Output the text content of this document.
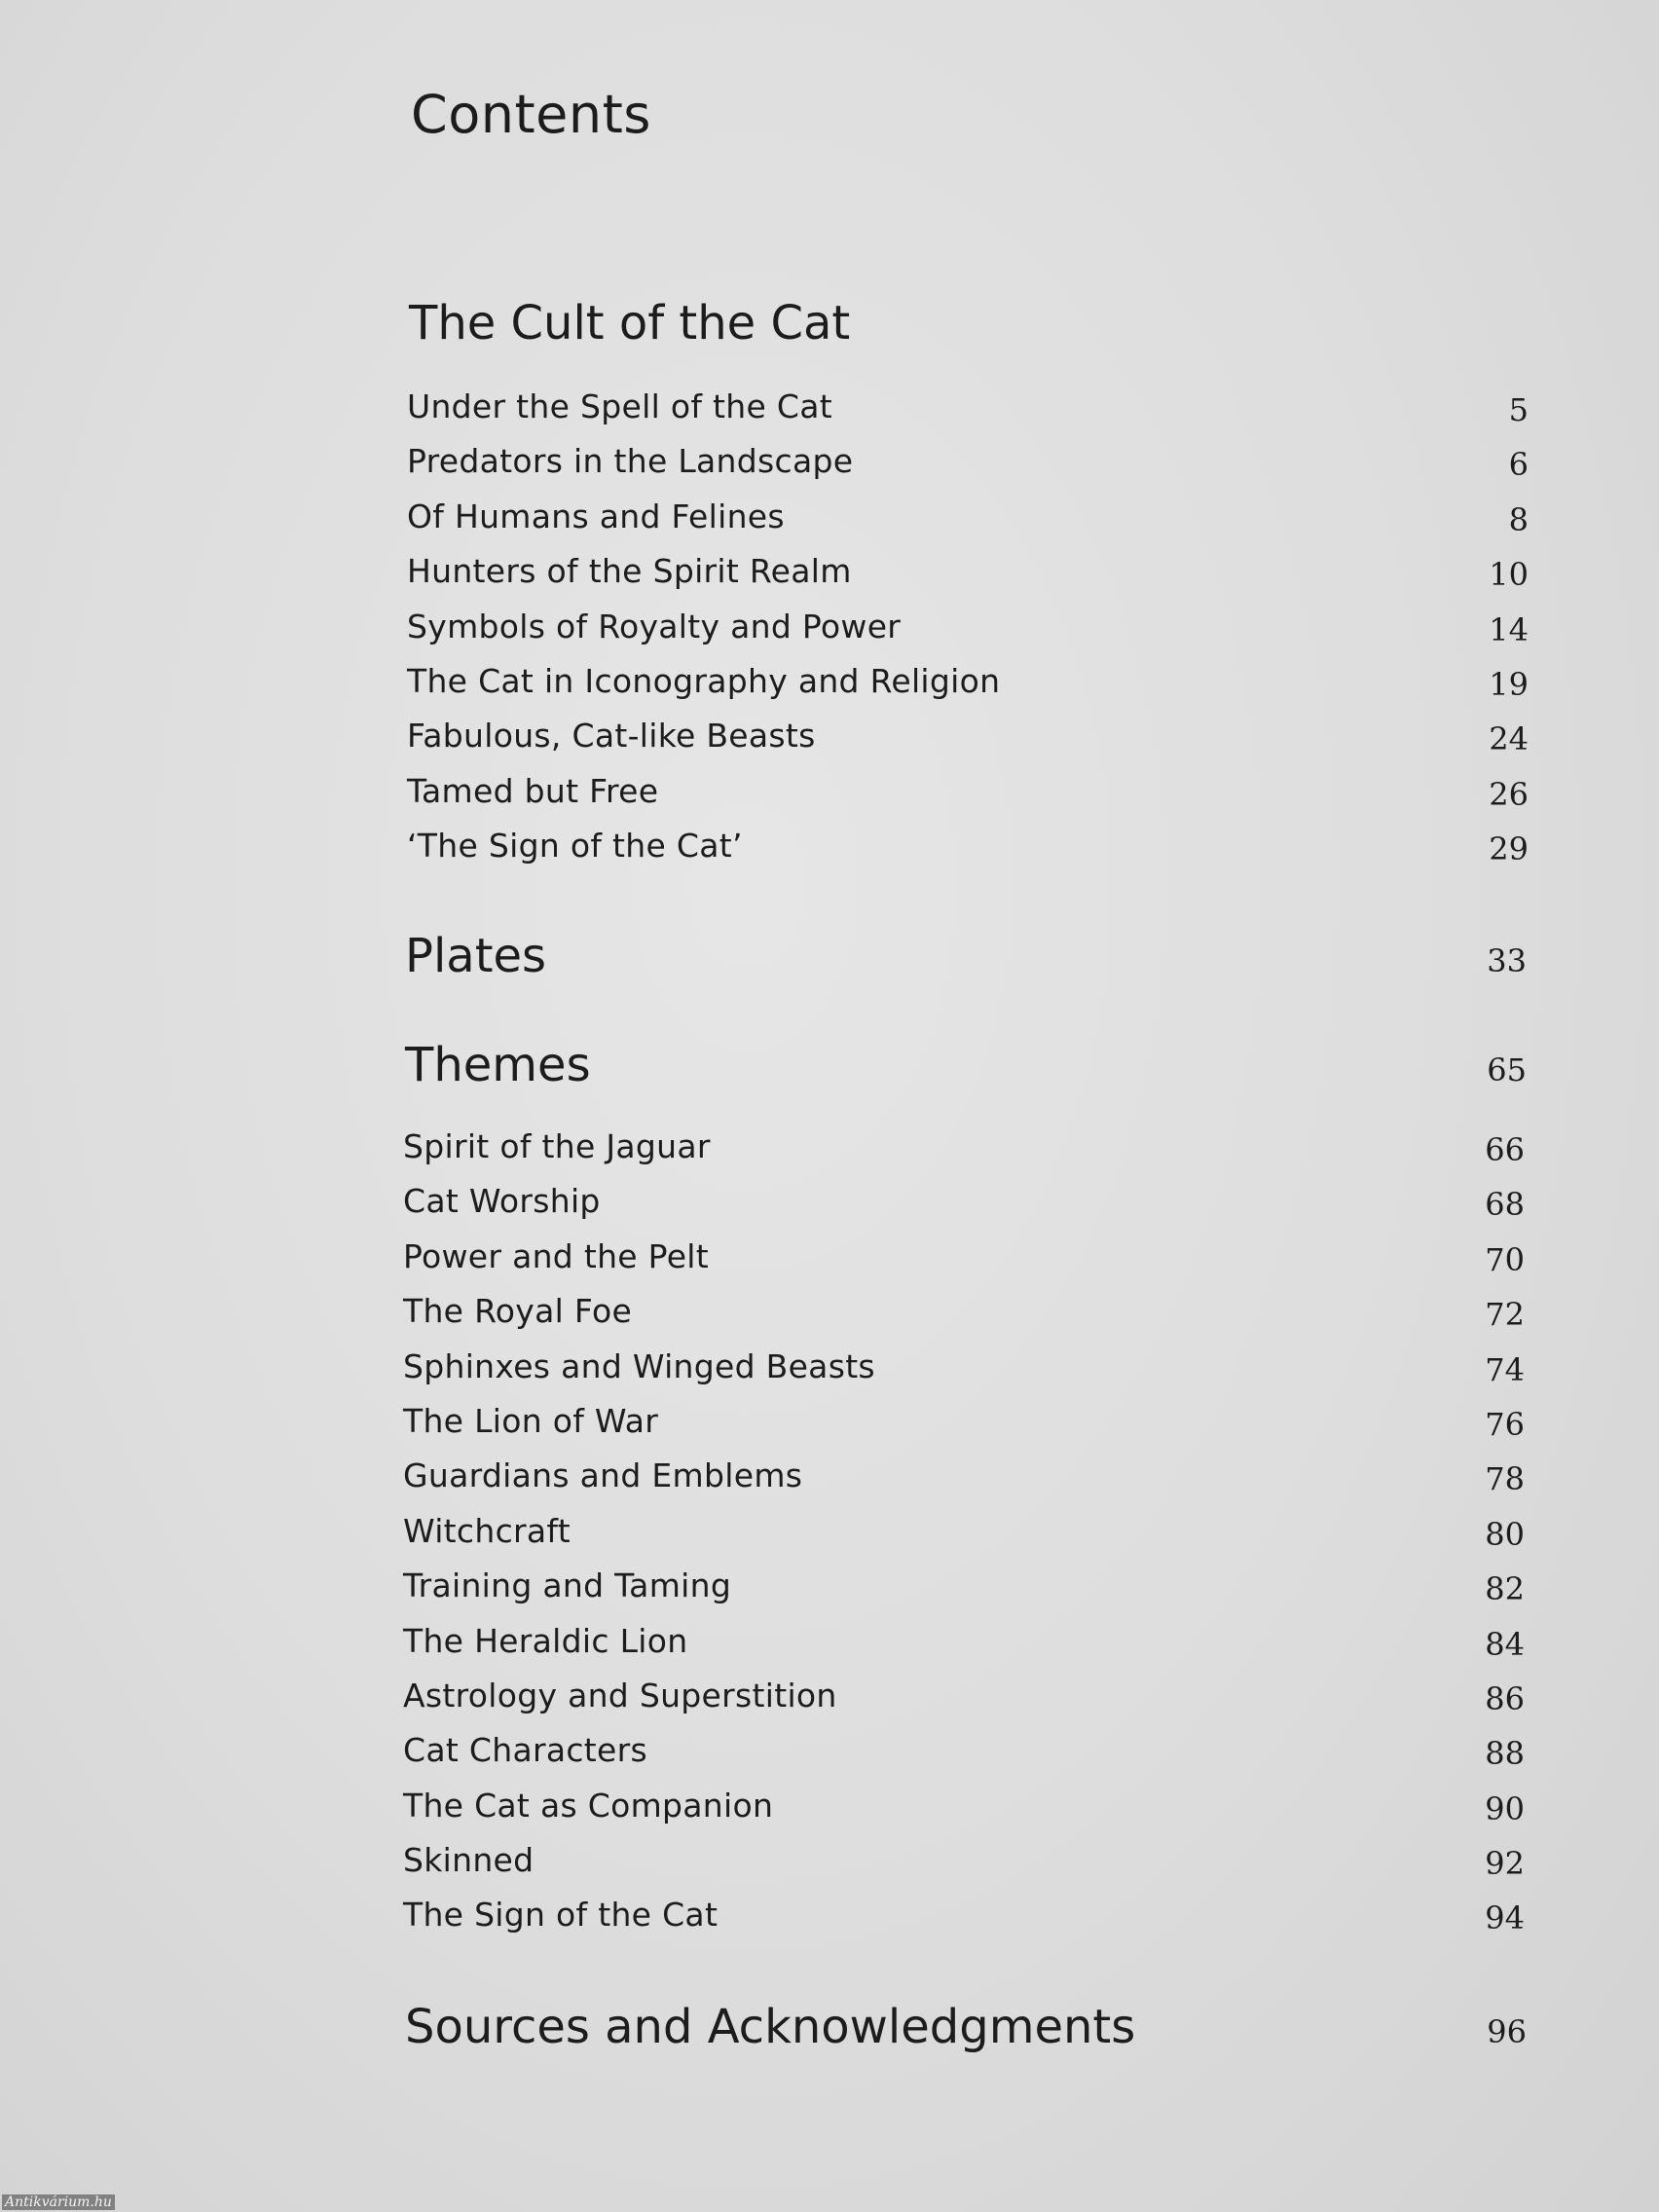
Contents
The Cult of the Cat
Under the Spell of the Cat	5
Predators in the Landscape	6
Of Humans and Felines	8
Hunters of the Spirit Realm	10
Symbols of Royalty and Power	14
The Cat in Iconography and Religion	19
Fabulous, Cat-like Beasts	24
Tamed but Free	26
‘The Sign of the Cat’	29
Plates	33
Themes	65
Spirit of the Jaguar	66
Cat Worship	68
Power and the Pelt	70
The Royal Foe	72
Sphinxes and Winged Beasts	74
The Lion of War	76
Guardians and Emblems	78
Witchcraft	80
Training and Taming	82
The Heraldic Lion	84
Astrology and Superstition	86
Cat Characters	88
The Cat as Companion	90
Skinned	92
The Sign of the Cat	94
Sources and Acknowledgments	96
Antikvárium.hu
